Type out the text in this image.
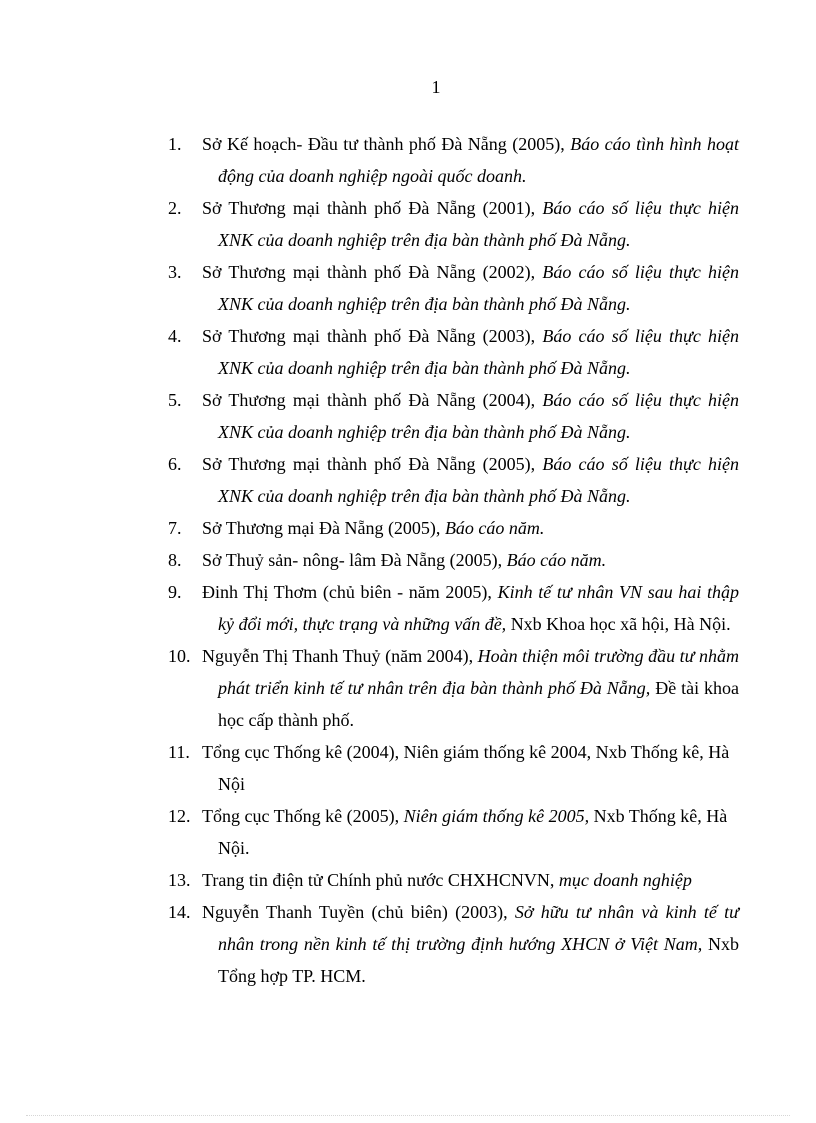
1
1. Sở Kế hoạch- Đầu tư thành phố Đà Nẵng (2005), Báo cáo tình hình hoạt động của doanh nghiệp ngoài quốc doanh.
2. Sở Thương mại thành phố Đà Nẵng (2001), Báo cáo số liệu thực hiện XNK của doanh nghiệp trên địa bàn thành phố Đà Nẵng.
3. Sở Thương mại thành phố Đà Nẵng (2002), Báo cáo số liệu thực hiện XNK của doanh nghiệp trên địa bàn thành phố Đà Nẵng.
4. Sở Thương mại thành phố Đà Nẵng (2003), Báo cáo số liệu thực hiện XNK của doanh nghiệp trên địa bàn thành phố Đà Nẵng.
5. Sở Thương mại thành phố Đà Nẵng (2004), Báo cáo số liệu thực hiện XNK của doanh nghiệp trên địa bàn thành phố Đà Nẵng.
6. Sở Thương mại thành phố Đà Nẵng (2005), Báo cáo số liệu thực hiện XNK của doanh nghiệp trên địa bàn thành phố Đà Nẵng.
7. Sở Thương mại Đà Nẵng (2005), Báo cáo năm.
8. Sở Thuỷ sản- nông- lâm Đà Nẵng (2005), Báo cáo năm.
9. Đinh Thị Thơm (chủ biên - năm 2005), Kinh tế tư nhân VN sau hai thập kỷ đổi mới, thực trạng và những vấn đề, Nxb Khoa học xã hội, Hà Nội.
10. Nguyễn Thị Thanh Thuỷ (năm 2004), Hoàn thiện môi trường đầu tư nhằm phát triển kinh tế tư nhân trên địa bàn thành phố Đà Nẵng, Đề tài khoa học cấp thành phố.
11. Tổng cục Thống kê (2004), Niên giám thống kê 2004, Nxb Thống kê, Hà Nội
12. Tổng cục Thống kê (2005), Niên giám thống kê 2005, Nxb Thống kê, Hà Nội.
13. Trang tin điện tử Chính phủ nước CHXHCNVN, mục doanh nghiệp
14. Nguyễn Thanh Tuyền (chủ biên) (2003), Sở hữu tư nhân và kinh tế tư nhân trong nền kinh tế thị trường định hướng XHCN ở Việt Nam, Nxb Tổng hợp TP. HCM.
